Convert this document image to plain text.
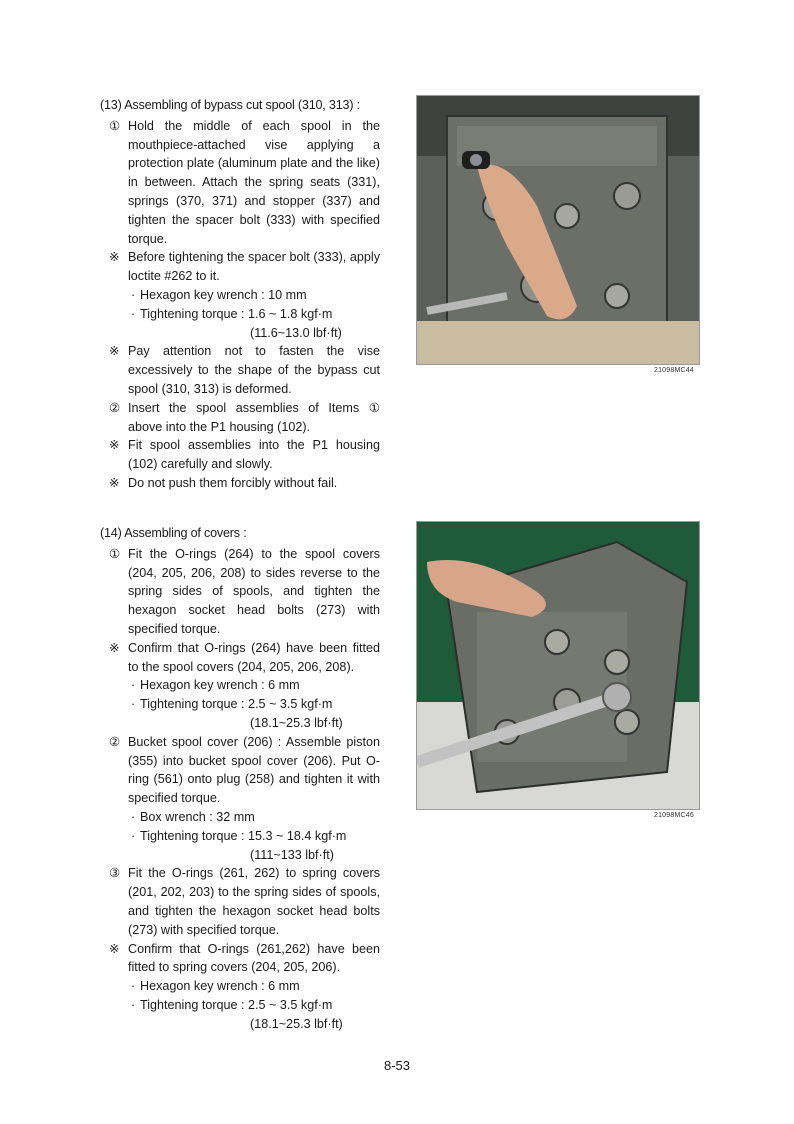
(13) Assembling of bypass cut spool (310, 313) :
① Hold the middle of each spool in the mouthpiece-attached vise applying a protection plate (aluminum plate and the like) in between. Attach the spring seats (331), springs (370, 371) and stopper (337) and tighten the spacer bolt (333) with specified torque.
※ Before tightening the spacer bolt (333), apply loctite #262 to it.
· Hexagon key wrench : 10 mm
· Tightening torque : 1.6 ~ 1.8 kgf·m
(11.6~13.0 lbf·ft)
※ Pay attention not to fasten the vise excessively to the shape of the bypass cut spool (310, 313) is deformed.
② Insert the spool assemblies of Items ① above into the P1 housing (102).
※ Fit spool assemblies into the P1 housing (102) carefully and slowly.
※ Do not push them forcibly without fail.
21098MC44
(14) Assembling of covers :
① Fit the O-rings (264) to the spool covers (204, 205, 206, 208) to sides reverse to the spring sides of spools, and tighten the hexagon socket head bolts (273) with specified torque.
※ Confirm that O-rings (264) have been fitted to the spool covers (204, 205, 206, 208).
· Hexagon key wrench : 6 mm
· Tightening torque : 2.5 ~ 3.5 kgf·m
(18.1~25.3 lbf·ft)
② Bucket spool cover (206) : Assemble piston (355) into bucket spool cover (206). Put O-ring (561) onto plug (258) and tighten it with specified torque.
· Box wrench : 32 mm
· Tightening torque : 15.3 ~ 18.4 kgf·m
(111~133 lbf·ft)
③ Fit the O-rings (261, 262) to spring covers (201, 202, 203) to the spring sides of spools, and tighten the hexagon socket head bolts (273) with specified torque.
※ Confirm that O-rings (261,262) have been fitted to spring covers (204, 205, 206).
· Hexagon key wrench : 6 mm
· Tightening torque : 2.5 ~ 3.5 kgf·m
(18.1~25.3 lbf·ft)
21098MC46
8-53
